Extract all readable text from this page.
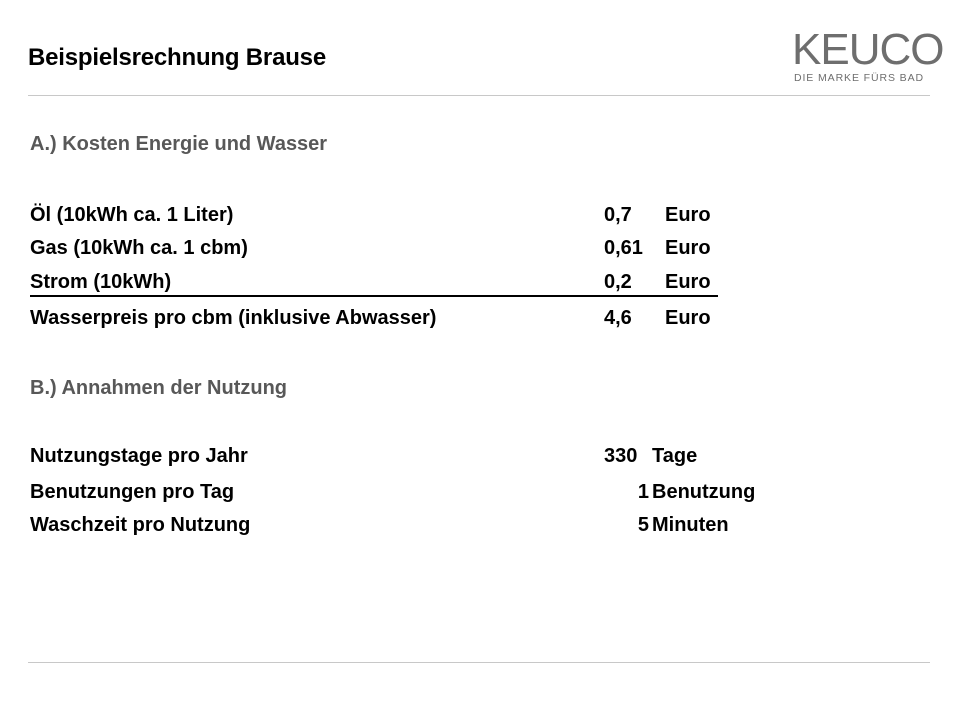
Beispielsrechnung Brause	KEUCO
DIE MARKE FÜRS BAD
A.) Kosten Energie und Wasser
Öl (10kWh ca. 1 Liter)	0,7 Euro
Gas (10kWh ca. 1 cbm)	0,61 Euro
Strom (10kWh)	0,2 Euro
Wasserpreis pro cbm (inklusive Abwasser)	4,6 Euro
B.) Annahmen der Nutzung
Nutzungstage pro Jahr	330 Tage
Benutzungen pro Tag	1 Benutzung
Waschzeit pro Nutzung	5 Minuten
